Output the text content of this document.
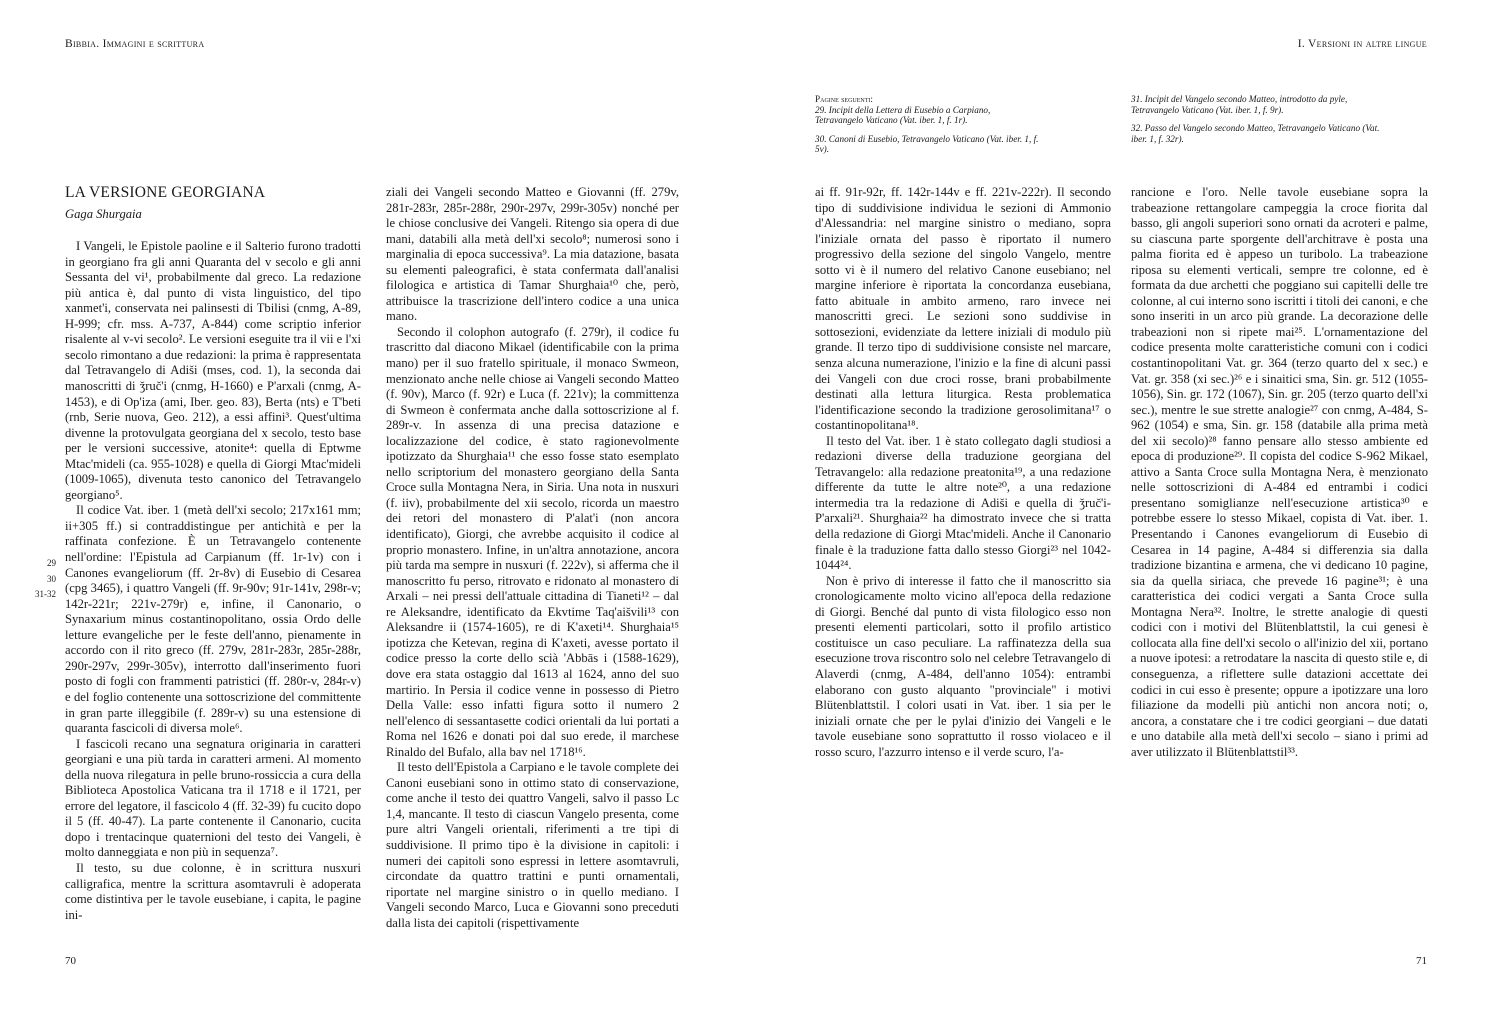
Bibbia. Immagini e scrittura	I. Versioni in altre lingue
Pagine seguenti:

29. Incipit della Lettera di Eusebio a Carpiano, Tetravangelo Vaticano (Vat. iber. 1, f. 1r).

30. Canoni di Eusebio, Tetravangelo Vaticano (Vat. iber. 1, f. 5v).

31. Incipit del Vangelo secondo Matteo, introdotto da pyle, Tetravangelo Vaticano (Vat. iber. 1, f. 9r).

32. Passo del Vangelo secondo Matteo, Tetravangelo Vaticano (Vat. iber. 1, f. 32r).

LA VERSIONE GEORGIANA

Gaga Shurgaia

I Vangeli, le Epistole paoline e il Salterio furono tradotti in georgiano fra gli anni Quaranta del v secolo e gli anni Sessanta del vi¹, probabilmente dal greco. La redazione più antica è, dal punto di vista linguistico, del tipo xanmet'i, conservata nei palinsesti di Tbilisi (cnmg, A-89, H-999; cfr. mss. A-737, A-844) come scriptio inferior risalente al v-vi secolo². Le versioni eseguite tra il vii e l'xi secolo rimontano a due redazioni: la prima è rappresentata dal Tetravangelo di Adiši (mses, cod. 1), la seconda dai manoscritti di ǯruč'i (cnmg, H-1660) e P'arxali (cnmg, A-1453), e di Op'iza (ami, Iber. geo. 83), Berta (nts) e T'beti (rnb, Serie nuova, Geo. 212), a essi affini³. Quest'ultima divenne la protovulgata georgiana del x secolo, testo base per le versioni successive, atonite⁴: quella di Eptwme Mtac'mideli (ca. 955-1028) e quella di Giorgi Mtac'mideli (1009-1065), divenuta testo canonico del Tetravangelo georgiano⁵.

Il codice Vat. iber. 1 (metà dell'xi secolo; 217x161 mm; ii+305 ff.) si contraddistingue per antichità e per la raffinata confezione. È un Tetravangelo contenente nell'ordine: l'Epistula ad Carpianum (ff. 1r-1v) con i Canones evangeliorum (ff. 2r-8v) di Eusebio di Cesarea (cpg 3465), i quattro Vangeli (ff. 9r-90v; 91r-141v, 298r-v; 142r-221r; 221v-279r) e, infine, il Canonario, o Synaxarium minus costantinopolitano, ossia Ordo delle letture evangeliche per le feste dell'anno, pienamente in accordo con il rito greco (ff. 279v, 281r-283r, 285r-288r, 290r-297v, 299r-305v), interrotto dall'inserimento fuori posto di fogli con frammenti patristici (ff. 280r-v, 284r-v) e del foglio contenente una sottoscrizione del committente in gran parte illeggibile (f. 289r-v) su una estensione di quaranta fascicoli di diversa mole⁶.

I fascicoli recano una segnatura originaria in caratteri georgiani e una più tarda in caratteri armeni. Al momento della nuova rilegatura in pelle bruno-rossiccia a cura della Biblioteca Apostolica Vaticana tra il 1718 e il 1721, per errore del legatore, il fascicolo 4 (ff. 32-39) fu cucito dopo il 5 (ff. 40-47). La parte contenente il Canonario, cucita dopo i trentacinque quaternioni del testo dei Vangeli, è molto danneggiata e non più in sequenza⁷.

Il testo, su due colonne, è in scrittura nusxuri calligrafica, mentre la scrittura asomtavruli è adoperata come distintiva per le tavole eusebiane, i capita, le pagine ini-

29
30
31-32

ziali dei Vangeli secondo Matteo e Giovanni (ff. 279v, 281r-283r, 285r-288r, 290r-297v, 299r-305v) nonché per le chiose conclusive dei Vangeli. Ritengo sia opera di due mani, databili alla metà dell'xi secolo⁸; numerosi sono i marginalia di epoca successiva⁹. La mia datazione, basata su elementi paleografici, è stata confermata dall'analisi filologica e artistica di Tamar Shurghaia¹⁰ che, però, attribuisce la trascrizione dell'intero codice a una unica mano.

Secondo il colophon autografo (f. 279r), il codice fu trascritto dal diacono Mikael (identificabile con la prima mano) per il suo fratello spirituale, il monaco Swmeon, menzionato anche nelle chiose ai Vangeli secondo Matteo (f. 90v), Marco (f. 92r) e Luca (f. 221v); la committenza di Swmeon è confermata anche dalla sottoscrizione al f. 289r-v. In assenza di una precisa datazione e localizzazione del codice, è stato ragionevolmente ipotizzato da Shurghaia¹¹ che esso fosse stato esemplato nello scriptorium del monastero georgiano della Santa Croce sulla Montagna Nera, in Siria. Una nota in nusxuri (f. iiv), probabilmente del xii secolo, ricorda un maestro dei retori del monastero di P'alat'i (non ancora identificato), Giorgi, che avrebbe acquisito il codice al proprio monastero. Infine, in un'altra annotazione, ancora più tarda ma sempre in nusxuri (f. 222v), si afferma che il manoscritto fu perso, ritrovato e ridonato al monastero di Arxali – nei pressi dell'attuale cittadina di Tianeti¹² – dal re Aleksandre, identificato da Ekvtime Taq'aišvili¹³ con Aleksandre ii (1574-1605), re di K'axeti¹⁴. Shurghaia¹⁵ ipotizza che Ketevan, regina di K'axeti, avesse portato il codice presso la corte dello scià 'Abbās i (1588-1629), dove era stata ostaggio dal 1613 al 1624, anno del suo martirio. In Persia il codice venne in possesso di Pietro Della Valle: esso infatti figura sotto il numero 2 nell'elenco di sessantasette codici orientali da lui portati a Roma nel 1626 e donati poi dal suo erede, il marchese Rinaldo del Bufalo, alla bav nel 1718¹⁶.

Il testo dell'Epistola a Carpiano e le tavole complete dei Canoni eusebiani sono in ottimo stato di conservazione, come anche il testo dei quattro Vangeli, salvo il passo Lc 1,4, mancante. Il testo di ciascun Vangelo presenta, come pure altri Vangeli orientali, riferimenti a tre tipi di suddivisione. Il primo tipo è la divisione in capitoli: i numeri dei capitoli sono espressi in lettere asomtavruli, circondate da quattro trattini e punti ornamentali, riportate nel margine sinistro o in quello mediano. I Vangeli secondo Marco, Luca e Giovanni sono preceduti dalla lista dei capitoli (rispettivamente

ai ff. 91r-92r, ff. 142r-144v e ff. 221v-222r). Il secondo tipo di suddivisione individua le sezioni di Ammonio d'Alessandria: nel margine sinistro o mediano, sopra l'iniziale ornata del passo è riportato il numero progressivo della sezione del singolo Vangelo, mentre sotto vi è il numero del relativo Canone eusebiano; nel margine inferiore è riportata la concordanza eusebiana, fatto abituale in ambito armeno, raro invece nei manoscritti greci. Le sezioni sono suddivise in sottosezioni, evidenziate da lettere iniziali di modulo più grande. Il terzo tipo di suddivisione consiste nel marcare, senza alcuna numerazione, l'inizio e la fine di alcuni passi dei Vangeli con due croci rosse, brani probabilmente destinati alla lettura liturgica. Resta problematica l'identificazione secondo la tradizione gerosolimitana¹⁷ o costantinopolitana¹⁸.

Il testo del Vat. iber. 1 è stato collegato dagli studiosi a redazioni diverse della traduzione georgiana del Tetravangelo: alla redazione preatonita¹⁹, a una redazione differente da tutte le altre note²⁰, a una redazione intermedia tra la redazione di Adiši e quella di ǯruč'i-P'arxali²¹. Shurghaia²² ha dimostrato invece che si tratta della redazione di Giorgi Mtac'mideli. Anche il Canonario finale è la traduzione fatta dallo stesso Giorgi²³ nel 1042-1044²⁴.

Non è privo di interesse il fatto che il manoscritto sia cronologicamente molto vicino all'epoca della redazione di Giorgi. Benché dal punto di vista filologico esso non presenti elementi particolari, sotto il profilo artistico costituisce un caso peculiare. La raffinatezza della sua esecuzione trova riscontro solo nel celebre Tetravangelo di Alaverdi (cnmg, A-484, dell'anno 1054): entrambi elaborano con gusto alquanto "provinciale" i motivi Blütenblattstil. I colori usati in Vat. iber. 1 sia per le iniziali ornate che per le pylai d'inizio dei Vangeli e le tavole eusebiane sono soprattutto il rosso violaceo e il rosso scuro, l'azzurro intenso e il verde scuro, l'a-

rancione e l'oro. Nelle tavole eusebiane sopra la trabeazione rettangolare campeggia la croce fiorita dal basso, gli angoli superiori sono ornati da acroteri e palme, su ciascuna parte sporgente dell'architrave è posta una palma fiorita ed è appeso un turibolo. La trabeazione riposa su elementi verticali, sempre tre colonne, ed è formata da due archetti che poggiano sui capitelli delle tre colonne, al cui interno sono iscritti i titoli dei canoni, e che sono inseriti in un arco più grande. La decorazione delle trabeazioni non si ripete mai²⁵. L'ornamentazione del codice presenta molte caratteristiche comuni con i codici costantinopolitani Vat. gr. 364 (terzo quarto del x sec.) e Vat. gr. 358 (xi sec.)²⁶ e i sinaitici sma, Sin. gr. 512 (1055-1056), Sin. gr. 172 (1067), Sin. gr. 205 (terzo quarto dell'xi sec.), mentre le sue strette analogie²⁷ con cnmg, A-484, S-962 (1054) e sma, Sin. gr. 158 (databile alla prima metà del xii secolo)²⁸ fanno pensare allo stesso ambiente ed epoca di produzione²⁹. Il copista del codice S-962 Mikael, attivo a Santa Croce sulla Montagna Nera, è menzionato nelle sottoscrizioni di A-484 ed entrambi i codici presentano somiglianze nell'esecuzione artistica³⁰ e potrebbe essere lo stesso Mikael, copista di Vat. iber. 1. Presentando i Canones evangeliorum di Eusebio di Cesarea in 14 pagine, A-484 si differenzia sia dalla tradizione bizantina e armena, che vi dedicano 10 pagine, sia da quella siriaca, che prevede 16 pagine³¹; è una caratteristica dei codici vergati a Santa Croce sulla Montagna Nera³². Inoltre, le strette analogie di questi codici con i motivi del Blütenblattstil, la cui genesi è collocata alla fine dell'xi secolo o all'inizio del xii, portano a nuove ipotesi: a retrodatare la nascita di questo stile e, di conseguenza, a riflettere sulle datazioni accettate dei codici in cui esso è presente; oppure a ipotizzare una loro filiazione da modelli più antichi non ancora noti; o, ancora, a constatare che i tre codici georgiani – due datati e uno databile alla metà dell'xi secolo – siano i primi ad aver utilizzato il Blütenblattstil³³.

70	71
